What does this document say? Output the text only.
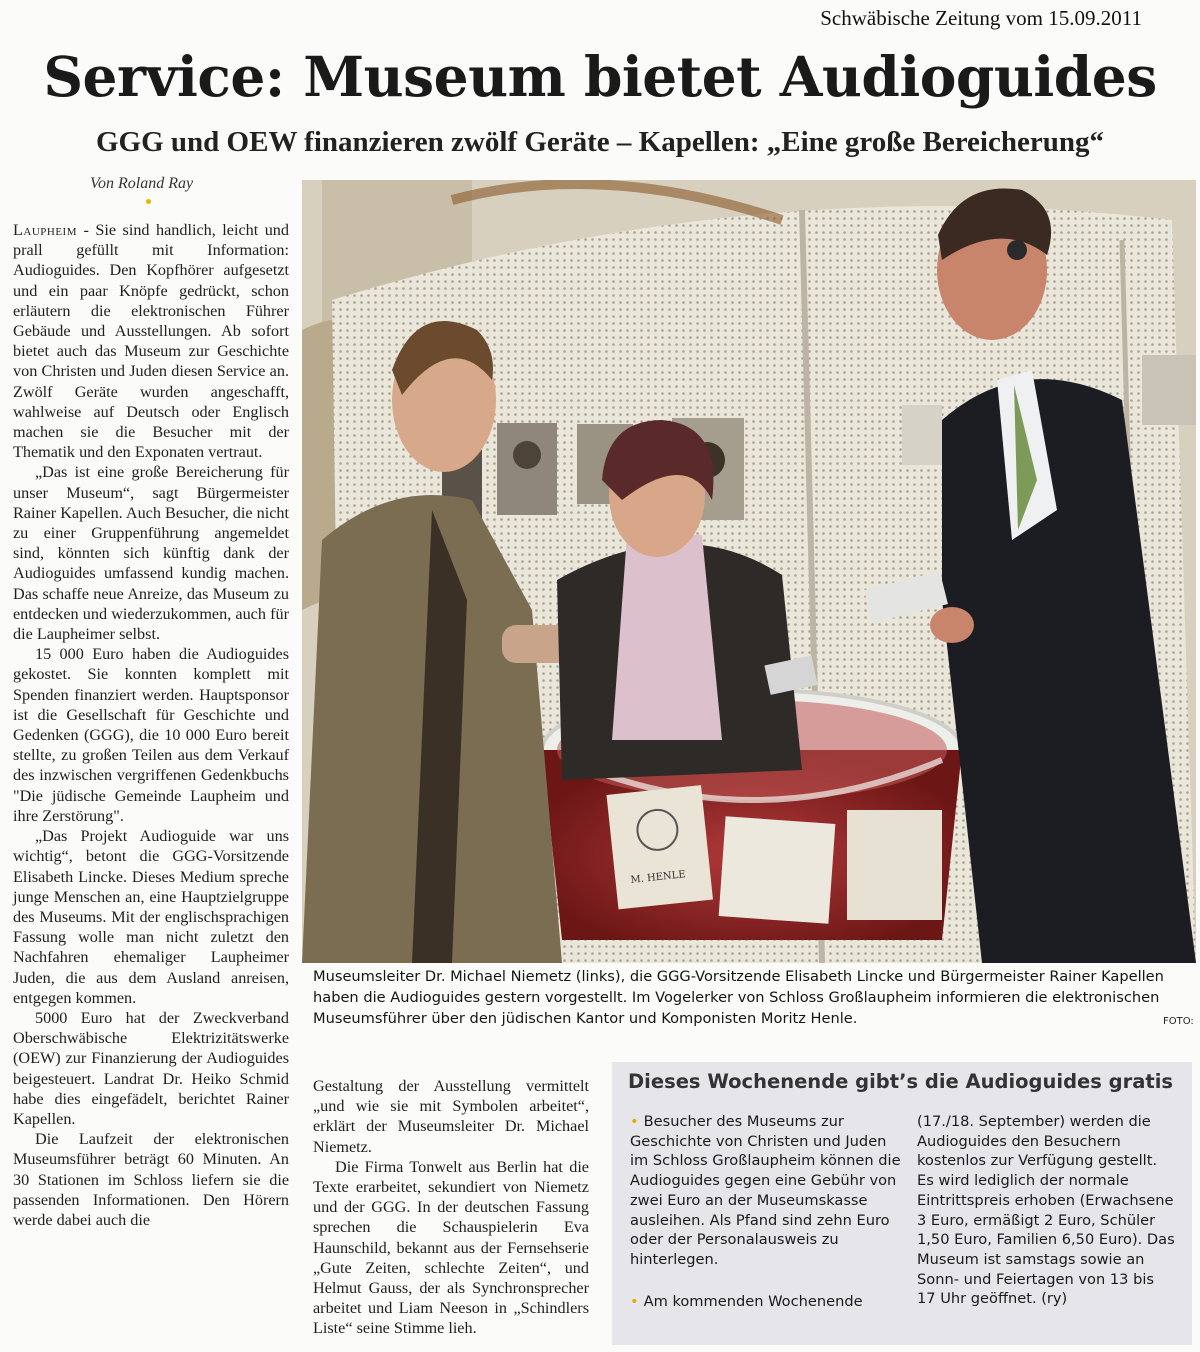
Schwäbische Zeitung vom 15.09.2011
Service: Museum bietet Audioguides
GGG und OEW finanzieren zwölf Geräte – Kapellen: „Eine große Bereicherung“
Von Roland Ray

Laupheim - Sie sind handlich, leicht und prall gefüllt mit Information: Audioguides. Den Kopfhörer aufgesetzt und ein paar Knöpfe gedrückt, schon erläutern die elektronischen Führer Gebäude und Ausstellungen. Ab sofort bietet auch das Museum zur Geschichte von Christen und Juden diesen Service an. Zwölf Geräte wurden angeschafft, wahlweise auf Deutsch oder Englisch machen sie die Besucher mit der Thematik und den Exponaten vertraut.

„Das ist eine große Bereicherung für unser Museum“, sagt Bürgermeister Rainer Kapellen. Auch Besucher, die nicht zu einer Gruppenführung angemeldet sind, könnten sich künftig dank der Audioguides umfassend kundig machen. Das schaffe neue Anreize, das Museum zu entdecken und wiederzukommen, auch für die Laupheimer selbst.

15 000 Euro haben die Audioguides gekostet. Sie konnten komplett mit Spenden finanziert werden. Hauptsponsor ist die Gesellschaft für Geschichte und Gedenken (GGG), die 10 000 Euro bereit stellte, zu großen Teilen aus dem Verkauf des inzwischen vergriffenen Gedenkbuchs "Die jüdische Gemeinde Laupheim und ihre Zerstörung".

„Das Projekt Audioguide war uns wichtig“, betont die GGG-Vorsitzende Elisabeth Lincke. Dieses Medium spreche junge Menschen an, eine Hauptzielgruppe des Museums. Mit der englischsprachigen Fassung wolle man nicht zuletzt den Nachfahren ehemaliger Laupheimer Juden, die aus dem Ausland anreisen, entgegen kommen.

5000 Euro hat der Zweckverband Oberschwäbische Elektrizitätswerke (OEW) zur Finanzierung der Audioguides beigesteuert. Landrat Dr. Heiko Schmid habe dies eingefädelt, berichtet Rainer Kapellen.

Die Laufzeit der elektronischen Museumsführer beträgt 60 Minuten. An 30 Stationen im Schloss liefern sie die passenden Informationen. Den Hörern werde dabei auch die

Gestaltung der Ausstellung vermittelt „und wie sie mit Symbolen arbeitet“, erklärt der Museumsleiter Dr. Michael Niemetz.

Die Firma Tonwelt aus Berlin hat die Texte erarbeitet, sekundiert von Niemetz und der GGG. In der deutschen Fassung sprechen die Schauspielerin Eva Haunschild, bekannt aus der Fernsehserie „Gute Zeiten, schlechte Zeiten“, und Helmut Gauss, der als Synchronsprecher arbeitet und Liam Neeson in „Schindlers Liste“ seine Stimme lieh.

M. HENLE
Museumsleiter Dr. Michael Niemetz (links), die GGG-Vorsitzende Elisabeth Lincke und Bürgermeister Rainer Kapellen haben die Audioguides gestern vorgestellt. Im Vogelerker von Schloss Großlaupheim informieren die elektronischen Museumsführer über den jüdischen Kantor und Komponisten Moritz Henle.	FOTO:
Dieses Wochenende gibt’s die Audioguides gratis

• Besucher des Museums zur Geschichte von Christen und Juden im Schloss Großlaupheim können die Audioguides gegen eine Gebühr von zwei Euro an der Museumskasse ausleihen. Als Pfand sind zehn Euro oder der Personalausweis zu hinterlegen.

• Am kommenden Wochenende

(17./18. September) werden die Audioguides den Besuchern kostenlos zur Verfügung gestellt. Es wird lediglich der normale Eintrittspreis erhoben (Erwachsene 3 Euro, ermäßigt 2 Euro, Schüler 1,50 Euro, Familien 6,50 Euro). Das Museum ist samstags sowie an Sonn- und Feiertagen von 13 bis 17 Uhr geöffnet. (ry)
